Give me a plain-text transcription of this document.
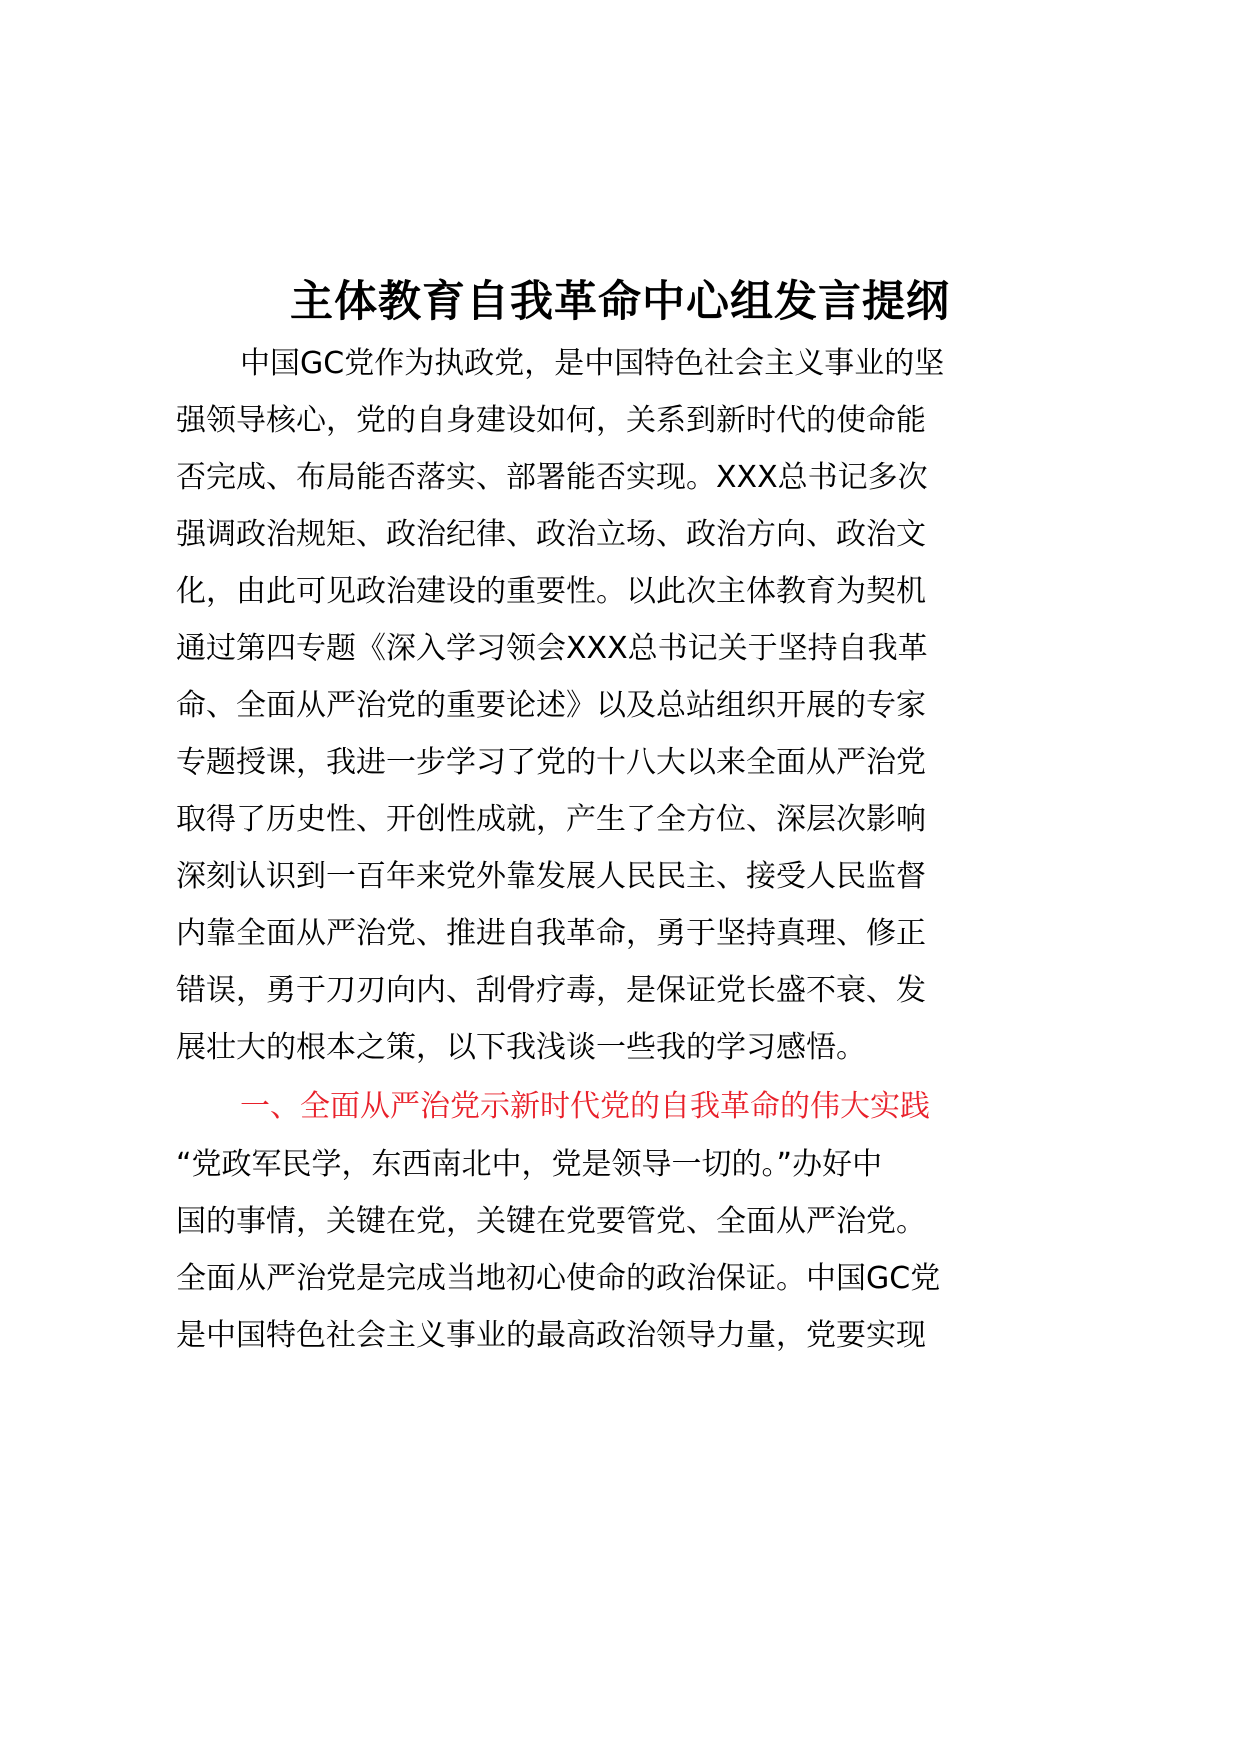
主体教育自我革命中心组发言提纲
中国GC党作为执政党，是中国特色社会主义事业的坚
强领导核心，党的自身建设如何，关系到新时代的使命能
否完成、布局能否落实、部署能否实现。XXX总书记多次
强调政治规矩、政治纪律、政治立场、政治方向、政治文
化，由此可见政治建设的重要性。以此次主体教育为契机
通过第四专题《深入学习领会XXX总书记关于坚持自我革
命、全面从严治党的重要论述》以及总站组织开展的专家
专题授课，我进一步学习了党的十八大以来全面从严治党
取得了历史性、开创性成就，产生了全方位、深层次影响
深刻认识到一百年来党外靠发展人民民主、接受人民监督
内靠全面从严治党、推进自我革命，勇于坚持真理、修正
错误，勇于刀刃向内、刮骨疗毒，是保证党长盛不衰、发
展壮大的根本之策，以下我浅谈一些我的学习感悟。
一、全面从严治党示新时代党的自我革命的伟大实践
“党政军民学，东西南北中，党是领导一切的。”办好中
国的事情，关键在党，关键在党要管党、全面从严治党。
全面从严治党是完成当地初心使命的政治保证。中国GC党
是中国特色社会主义事业的最高政治领导力量，党要实现
